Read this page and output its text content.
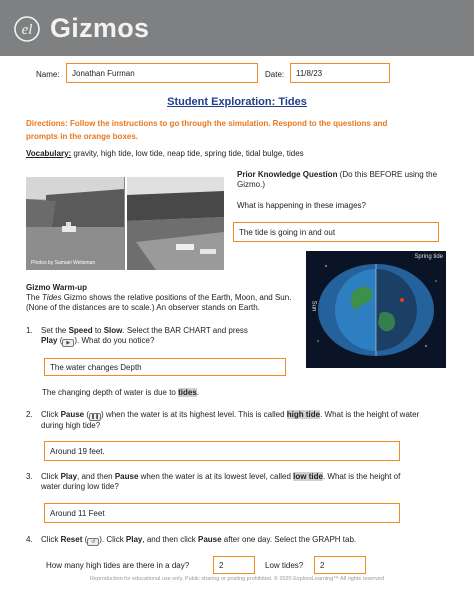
el Gizmos
Name: Jonathan Furman	Date: 11/8/23
Student Exploration: Tides
Directions: Follow the instructions to go through the simulation. Respond to the questions and
prompts in the orange boxes.
Vocabulary: gravity, high tide, low tide, neap tide, spring tide, tidal bulge, tides
Photos by Samuel Weitzman
Prior Knowledge Question (Do this BEFORE using the Gizmo.)
What is happening in these images?
The tide is going in and out
Spring tide
Sun
Gizmo Warm-up
The Tides Gizmo shows the relative positions of the Earth, Moon, and Sun. (None of the distances are to scale.) An observer stands on Earth.
1. Set the Speed to Slow. Select the BAR CHART and press
Play ( ▶ ). What do you notice?
The water changes Depth
The changing depth of water is due to tides.
2. Click Pause ( ❚❚ ) when the water is at its highest level. This is called high tide. What is the height of water
during high tide?
Around 19 feet.
3. Click Play, and then Pause when the water is at its lowest level, called low tide. What is the height of
water during low tide?
Around 11 Feet
4. Click Reset ( ↺ ). Click Play, and then click Pause after one day. Select the GRAPH tab.
How many high tides are there in a day?	2	Low tides? 2
Reproduction for educational use only. Public sharing or posting prohibited. © 2020 ExploreLearning™ All rights reserved
